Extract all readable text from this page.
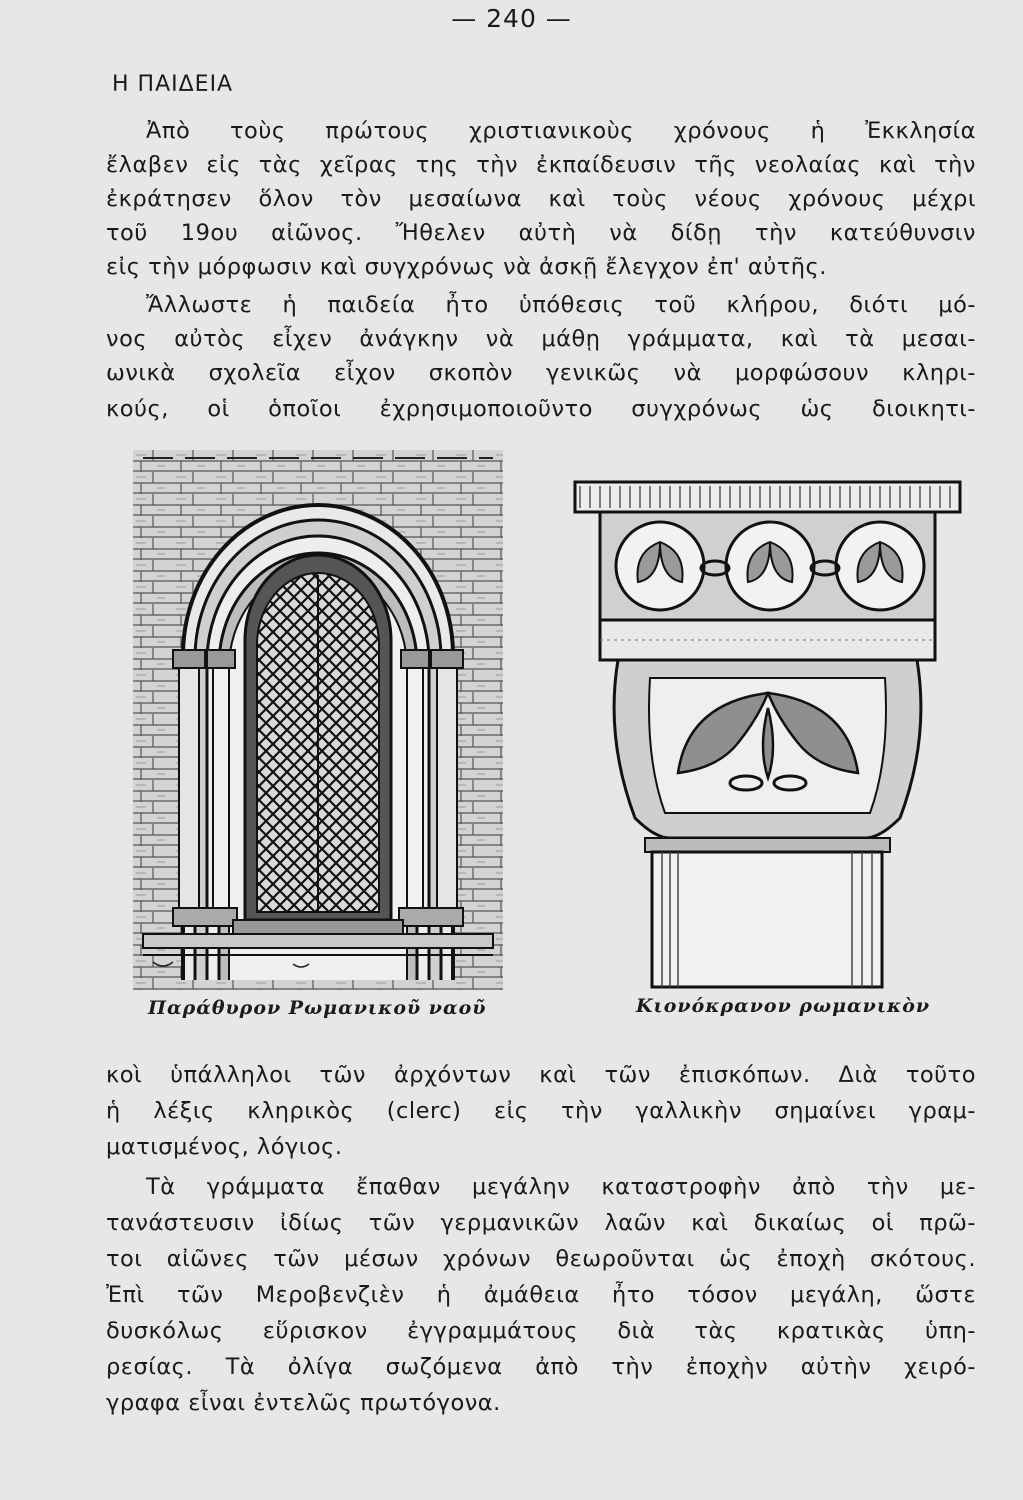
— 240 —
Η ΠΑΙΔΕΙΑ

Ἀπὸ τοὺς πρώτους χριστιανικοὺς χρόνους ἡ Ἐκκλησία

ἔλαβεν εἰς τὰς χεῖρας της τὴν ἐκπαίδευσιν τῆς νεολαίας καὶ τὴν

ἐκράτησεν ὅλον τὸν μεσαίωνα καὶ τοὺς νέους χρόνους μέχρι

τοῦ 19ου αἰῶνος. Ἤθελεν αὐτὴ νὰ δίδῃ τὴν κατεύθυνσιν

εἰς τὴν μόρφωσιν καὶ συγχρόνως νὰ ἀσκῇ ἔλεγχον ἐπ' αὐτῆς.

Ἄλλωστε ἡ παιδεία ἦτο ὑπόθεσις τοῦ κλήρου, διότι μό-

νος αὐτὸς εἶχεν ἀνάγκην νὰ μάθῃ γράμματα, καὶ τὰ μεσαι-

ωνικὰ σχολεῖα εἶχον σκοπὸν γενικῶς νὰ μορφώσουν κληρι-

κούς, οἱ ὁποῖοι ἐχρησιμοποιοῦντο συγχρόνως ὡς διοικητι-

Παράθυρον Ρωμανικοῦ ναοῦ	Κιονόκρανον ρωμανικὸν

κοὶ ὑπάλληλοι τῶν ἀρχόντων καὶ τῶν ἐπισκόπων. Διὰ τοῦτο

ἡ λέξις κληρικὸς (clerc) εἰς τὴν γαλλικὴν σημαίνει γραμ-

ματισμένος, λόγιος.

Τὰ γράμματα ἔπαθαν μεγάλην καταστροφὴν ἀπὸ τὴν με-

τανάστευσιν ἰδίως τῶν γερμανικῶν λαῶν καὶ δικαίως οἱ πρῶ-

τοι αἰῶνες τῶν μέσων χρόνων θεωροῦνται ὡς ἐποχὴ σκότους.

Ἐπὶ τῶν Μεροβενζιὲν ἡ ἀμάθεια ἦτο τόσον μεγάλη, ὥστε

δυσκόλως εὕρισκον ἐγγραμμάτους διὰ τὰς κρατικὰς ὑπη-

ρεσίας. Τὰ ὀλίγα σωζόμενα ἀπὸ τὴν ἐποχὴν αὐτὴν χειρό-

γραφα εἶναι ἐντελῶς πρωτόγονα.
